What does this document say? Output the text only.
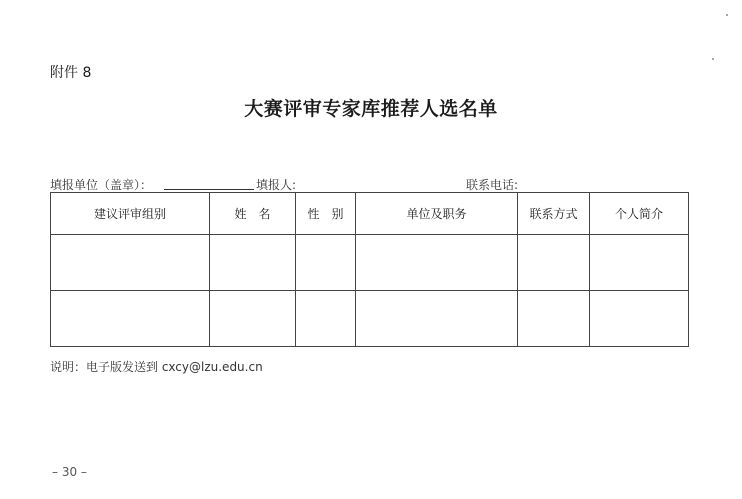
附件 8
大赛评审专家库推荐人选名单
填报单位（盖章）：	填报人:	联系电话:
建议评审组别	姓　名	性　别	单位及职务	联系方式	个人简介

说明：电子版发送到 cxcy@lzu.edu.cn
– 30 –
